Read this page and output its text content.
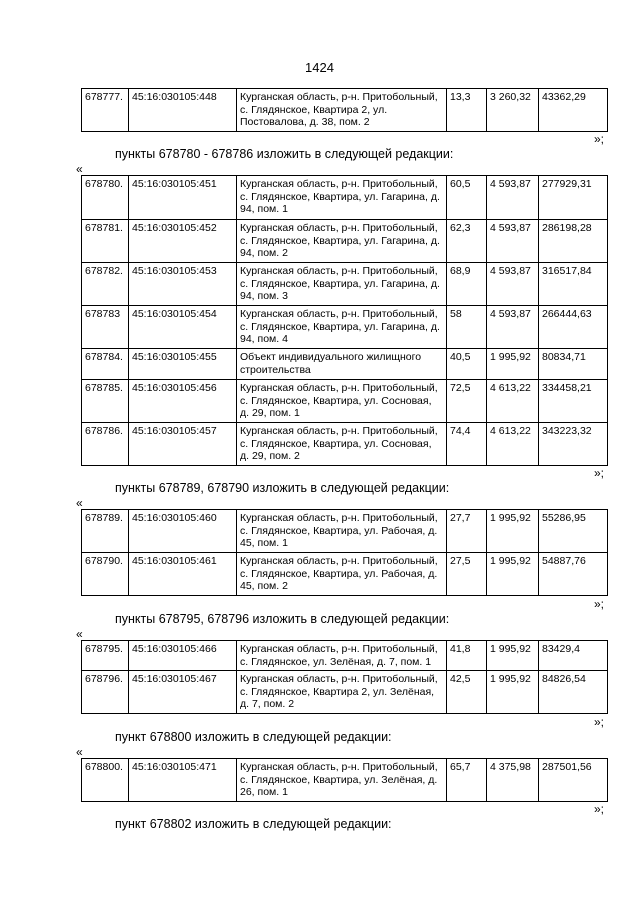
1424
678777.	45:16:030105:448	Курганская область, р-н. Притобольный, с. Глядянское, Квартира 2, ул. Постовалова, д. 38, пом. 2	13,3	3 260,32	43362,29
»;
пункты 678780 - 678786 изложить в следующей редакции:
«
678780.	45:16:030105:451	Курганская область, р-н. Притобольный, с. Глядянское, Квартира, ул. Гагарина, д. 94, пом. 1	60,5	4 593,87	277929,31
678781.	45:16:030105:452	Курганская область, р-н. Притобольный, с. Глядянское, Квартира, ул. Гагарина, д. 94, пом. 2	62,3	4 593,87	286198,28
678782.	45:16:030105:453	Курганская область, р-н. Притобольный, с. Глядянское, Квартира, ул. Гагарина, д. 94, пом. 3	68,9	4 593,87	316517,84
678783	45:16:030105:454	Курганская область, р-н. Притобольный, с. Глядянское, Квартира, ул. Гагарина, д. 94, пом. 4	58	4 593,87	266444,63
678784.	45:16:030105:455	Объект индивидуального жилищного строительства	40,5	1 995,92	80834,71
678785.	45:16:030105:456	Курганская область, р-н. Притобольный, с. Глядянское, Квартира, ул. Сосновая, д. 29, пом. 1	72,5	4 613,22	334458,21
678786.	45:16:030105:457	Курганская область, р-н. Притобольный, с. Глядянское, Квартира, ул. Сосновая, д. 29, пом. 2	74,4	4 613,22	343223,32
»;
пункты 678789, 678790 изложить в следующей редакции:
«
678789.	45:16:030105:460	Курганская область, р-н. Притобольный, с. Глядянское, Квартира, ул. Рабочая, д. 45, пом. 1	27,7	1 995,92	55286,95
678790.	45:16:030105:461	Курганская область, р-н. Притобольный, с. Глядянское, Квартира, ул. Рабочая, д. 45, пом. 2	27,5	1 995,92	54887,76
»;
пункты 678795, 678796 изложить в следующей редакции:
«
678795.	45:16:030105:466	Курганская область, р-н. Притобольный, с. Глядянское, ул. Зелёная, д. 7, пом. 1	41,8	1 995,92	83429,4
678796.	45:16:030105:467	Курганская область, р-н. Притобольный, с. Глядянское, Квартира 2, ул. Зелёная, д. 7, пом. 2	42,5	1 995,92	84826,54
»;
пункт 678800 изложить в следующей редакции:
«
678800.	45:16:030105:471	Курганская область, р-н. Притобольный, с. Глядянское, Квартира, ул. Зелёная, д. 26, пом. 1	65,7	4 375,98	287501,56
»;
пункт 678802 изложить в следующей редакции:
